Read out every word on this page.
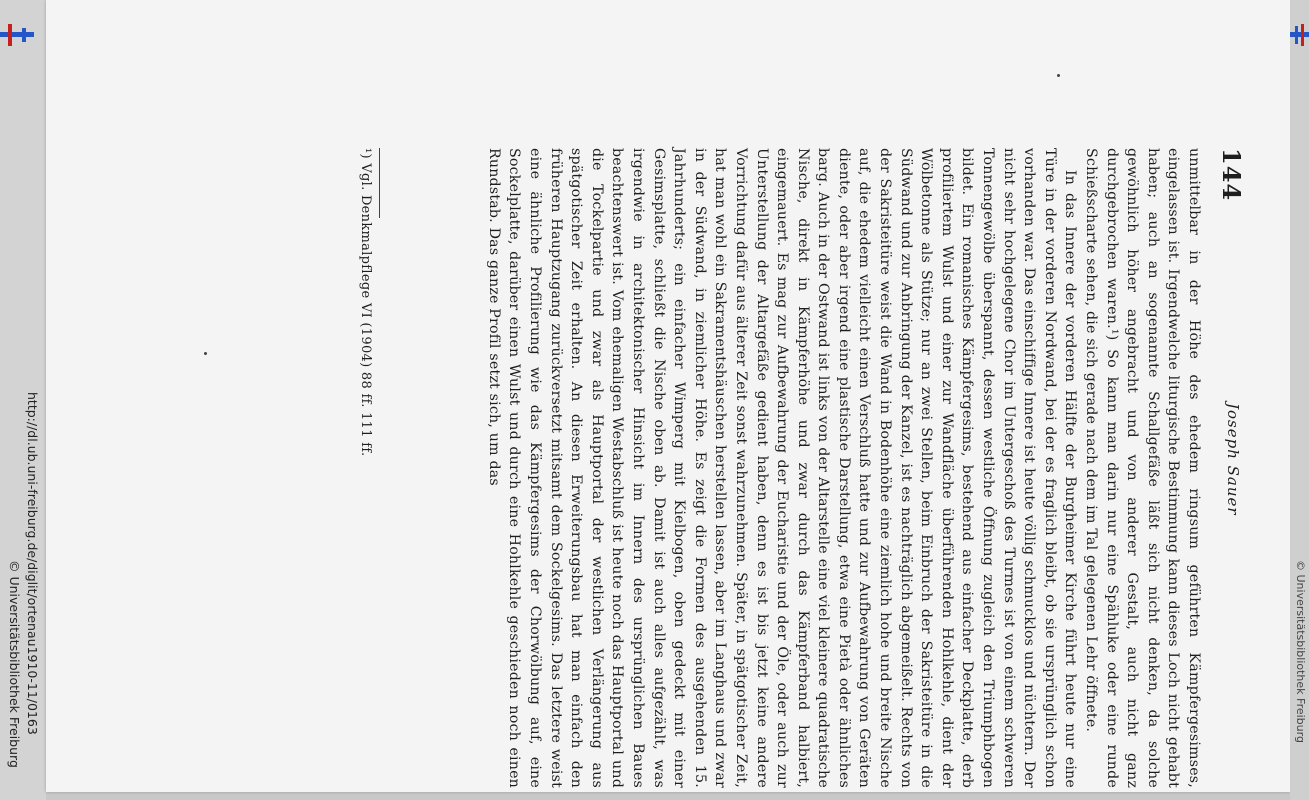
http://dl.ub.uni-freiburg.de/diglit/ortenau1910-11/0163
© Universitätsbibliothek Freiburg
144
Joseph Sauer

unmittelbar in der Höhe des ehedem ringsum geführten Kämpfergesimses, eingelassen ist. Irgendwelche liturgische Bestimmung kann dieses Loch nicht gehabt haben; auch an sogenannte Schallgefäße läßt sich nicht denken, da solche gewöhnlich höher angebracht und von anderer Gestalt, auch nicht ganz durchgebrochen waren.¹) So kann man darin nur eine Spähluke oder eine runde Schießscharte sehen, die sich gerade nach dem im Tal gelegenen Lehr öffnete.

In das Innere der vorderen Hälfte der Burgheimer Kirche führt heute nur eine Türe in der vorderen Nordwand, bei der es fraglich bleibt, ob sie ursprünglich schon vorhanden war. Das einschiffige Innere ist heute völlig schmucklos und nüchtern. Der nicht sehr hochgelegene Chor im Untergeschoß des Turmes ist von einem schweren Tonnengewölbe überspannt, dessen westliche Öffnung zugleich den Triumphbogen bildet. Ein romanisches Kämpfergesims, bestehend aus einfacher Deckplatte, derb profiliertem Wulst und einer zur Wandfläche überführenden Hohlkehle, dient der Wölbetonne als Stütze; nur an zwei Stellen, beim Einbruch der Sakristeitüre in die Südwand und zur Anbringung der Kanzel, ist es nachträglich abgemeißelt. Rechts von der Sakristeitüre weist die Wand in Bodenhöhe eine ziemlich hohe und breite Nische auf, die ehedem vielleicht einen Verschluß hatte und zur Aufbewahrung von Geräten diente, oder aber irgend eine plastische Darstellung, etwa eine Pietà oder ähnliches barg. Auch in der Ostwand ist links von der Altarstelle eine viel kleinere quadratische Nische, direkt in Kämpferhöhe und zwar durch das Kämpferband halbiert, eingemauert. Es mag zur Aufbewahrung der Eucharistie und der Öle, oder auch zur Unterstellung der Altargefäße gedient haben, denn es ist bis jetzt keine andere Vorrichtung dafür aus älterer Zeit sonst wahrzunehmen. Später, in spätgotischer Zeit, hat man wohl ein Sakramentshäuschen herstellen lassen, aber im Langhaus und zwar in der Südwand, in ziemlicher Höhe. Es zeigt die Formen des ausgehenden 15. Jahrhunderts; ein einfacher Wimperg mit Kielbogen, oben gedeckt mit einer Gesimsplatte, schließt die Nische oben ab. Damit ist auch alles aufgezählt, was irgendwie in architektonischer Hinsicht im Innern des ursprünglichen Baues beachtenswert ist. Vom ehemaligen Westabschluß ist heute noch das Hauptportal und die Tockelpartie und zwar als Hauptportal der westlichen Verlängerung aus spätgotischer Zeit erhalten. An diesen Erweiterungsbau hat man einfach den früheren Hauptzugang zurückversetzt mitsamt dem Sockelgesims. Das letztere weist eine ähnliche Profilierung wie das Kämpfergesims der Chorwölbung auf, eine Sockelplatte, darüber einen Wulst und durch eine Hohlkehle geschieden noch einen Rundstab. Das ganze Profil setzt sich, um das

¹) Vgl. Denkmalpflege VI (1904) 88 ff. 111 ff.
© Universitätsbibliothek Freiburg
